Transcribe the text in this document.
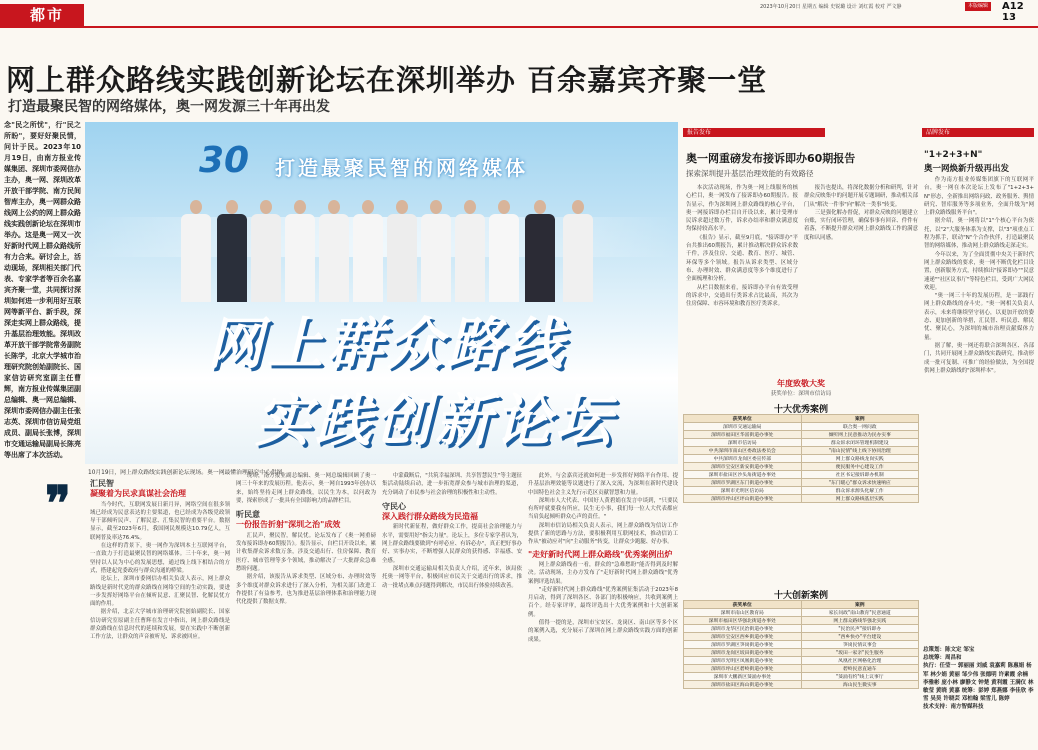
都市	2023年10月20日 星期五 编辑 史锐璐 设计 刘红霞 校对 严文静	本版编辑	A12 13
网上群众路线实践创新论坛在深圳举办 百余嘉宾齐聚一堂
打造最聚民智的网络媒体，奥一网发源三十年再出发
念"民之所忧"，行"民之所盼"，要好好聚民情，问计于民。2023年10月19日，由南方报业传媒集团、深圳市委网信办主办，奥一网、深圳改革开放干部学院、南方民间智库主办，奥一网群众路线网上公约的网上群众路线实践创新论坛在深圳市举办。这是奥一网又一次好新时代网上群众路线所有力合来。研讨会上，活动现场，深圳相关部门代表、专家学者等百余名嘉宾齐聚一堂，共同探讨深圳如何进一步利用好互联网等新平台、新手段，深深走实网上群众路线，提升基层治理效能。深圳改革开放干部学院常务副院长陈学，北京大学城市治理研究院创始副院长、国家信访研究室副主任曹辉，南方报业传媒集团副总编辑、奥一网总编辑、深圳市委网信办副主任张志英、深圳市信访局党组成员、副局长张博，深圳市交通运输局副局长陈亮等出席了本次活动。
❞
30 打造最聚民智的网络媒体
网上群众路线
实践创新论坛
10月19日，网上群众路线实践创新论坛现场。奥一网最懂治理研究中心供图
汇民智
凝聚着为民求真谋社会治理

当今时代，互联网发展日新月异，网络空间在很多领域已经成为民意表达的主要渠道，也已经成为各级党政领导干部倾听民声、了解民意、汇集民智的重要平台。数据显示，截至2023年6月，我国网民规模达10.79亿人，互联网普及率达76.4%。

在这样的背景下，奥一网作为深圳本土互联网平台，一直致力于打造最聚民智的网络媒体。三十年来，奥一网坚持以人民为中心的发展思想，通过线上线下相结合的方式，搭建起党委政府与群众沟通的桥梁。

论坛上，深圳市委网信办相关负责人表示，网上群众路线是新时代党的群众路线在网络空间的生动实践，要进一步发挥好网络平台在倾听民意、汇聚民智、化解民忧方面的作用。

据介绍，北京大学城市治理研究院创始副院长、国家信访研究室原副主任曹辉在发言中指出，网上群众路线是群众路线在信息时代的延续和发展，要在实践中不断创新工作方法，让群众的声音被听见、诉求被回应。

现场，南方报业副总编辑、奥一网总编辑回顾了奥一网三十年来的发展历程。他表示，奥一网自1993年创办以来，始终坚持走网上群众路线，以民生为本，以问政为要，探索形成了一批具有全国影响力的品牌栏目。

听民意
一份报告折射"深圳之治"成效

汇民声，聚民智，解民忧。论坛发布了《奥一网重磅发布接诉即办60期报告》。报告显示，自栏目开设以来，累计收集群众诉求数万条，涉及交通出行、住房保障、教育医疗、城市管理等多个领域，推动解决了一大批群众急难愁盼问题。

据介绍，该报告从诉求类型、区域分布、办理时效等多个维度对群众诉求进行了深入分析，为相关部门改进工作提供了有益参考，也为推进基层治理体系和治理能力现代化提供了数据支撑。

中蒙截断后，"共筑幸福深圳、共享智慧民生"等主题征集活动陆续启动，进一步拓宽群众参与城市治理的渠道，充分调动了市民参与社会治理的积极性和主动性。

守民心
深入践行群众路线为民造福

新时代新征程，做好群众工作，提高社会治理能力与水平，需要用好"指尖力量"。论坛上，多位专家学者认为，网上群众路线要做到"有呼必应、有诉必办"，真正把好事办好、实事办实，不断增强人民群众的获得感、幸福感、安全感。

深圳市交通运输局相关负责人介绍，近年来，该局依托奥一网等平台，积极回应市民关于交通出行的诉求，推动一批堵点难点问题得到解决，市民出行体验持续改善。

此外，与会嘉宾还就如何进一步发挥好网络平台作用、提升基层治理效能等议题进行了深入交流，为深圳在新时代建设中国特色社会主义先行示范区贡献智慧和力量。

深圳市人大代表、中国好人黄碧娟在发言中谈到，"只要民有所呼就要我有所应，民生无小事，我们每一位人大代表都应当肩负起倾听群众心声的责任。"

深圳市信访局相关负责人表示，网上群众路线为信访工作提供了新的思路与方法，要积极利用互联网技术，推动信访工作从"被动应对"向"主动服务"转变，让群众少跑腿、好办事。

"走好新时代网上群众路线"优秀案例出炉

网上群众路线看一看，群众的"急难愁盼"能否得到及时解决。活动现场，主办方发布了"走好新时代网上群众路线"优秀案例评选结果。

"走好新时代网上群众路线"优秀案例征集活动于2023年8月启动，得到了深圳各区、各部门的积极响应，共收到案例上百个。经专家评审，最终评选出十大优秀案例和十大创新案例。

值得一提的是，深圳市宝安区、龙岗区、南山区等多个区的案例入选，充分展示了深圳在网上群众路线实践方面的创新成果。

报告发布
奥一网重磅发布接诉即办60期报告
探索深圳提升基层治理效能的有效路径

本次活动现场，作为奥一网上线服务的核心栏目，奥一网发布了接诉即办60期报告。报告显示，作为深圳网上群众路线的核心平台，奥一网接诉即办栏目自开设以来，累计受理市民诉求超过数万件，诉求办结率和群众满意度均保持较高水平。

《报告》显示，截至9月底，"接诉即办"平台共推出60期报告，累计推动解决群众诉求数千件，涉及住房、交通、教育、医疗、城管、环保等多个领域。报告从诉求类型、区域分布、办理时效、群众满意度等多个维度进行了全面梳理和分析。

从栏目数据来看，接诉即办平台有效受理的诉求中，交通出行类诉求占比最高，其次为住房保障、市容环境和教育医疗类诉求。

报告也提出，将深化数据分析和研判，针对群众反映集中的问题开展专题调研，推动相关部门从"解决一件事"向"解决一类事"转变。

三是强化解办督促，对群众反映的问题建立台账，实行闭环管理，确保事事有回音、件件有着落，不断提升群众对网上群众路线工作的满意度和认同感。

年度致敬大奖
获奖单位：深圳市信访局
十大优秀案例
获奖单位	案例
深圳市交通运输局	联合奥一网问政
深圳市福田区华富街道办事处	倾听网上民意推动为民办实事
深圳市信访局	群众诉求闭环管理机制建设
中共深圳市南山区委政法委员会	"南山民情"线上线下协同治理
中共深圳市龙岗区委宣传部	网上群众路线龙岗实践
深圳市宝安区新安街道办事处	便民服务中心建设工作
深圳市盐田区沙头角街道办事处	社区书记接诉即办机制
深圳市罗湖区东门街道办事处	"东门暖心"群众诉求快速响应
深圳市光明区信访局	群众诉求源头化解工作
深圳市坪山区坪山街道办事处	网上群众路线基层实践
十大创新案例
获奖单位	案例
深圳市南山区教育局	家长问政"南山教育"民意通道
深圳市福田区华强北街道办事处	网上群众路线华强北实践
深圳市龙华区民治街道办事处	"民治民声"接诉即办
深圳市宝安区西乡街道办事处	"西乡快办"平台建设
深圳市罗湖区笋岗街道办事处	笋岗民情议事会
深圳市龙岗区坂田街道办事处	"坂田一家亲"民生服务
深圳市光明区凤凰街道办事处	凤凰社区网格化治理
深圳市坪山区碧岭街道办事处	碧岭民意直通车
深圳市大鹏新区葵涌办事处	"葵涌有约"线上议事厅
深圳市盐田区海山街道办事处	海山民生微实事
品牌发布
"1+2+3+N"
奥一网焕新升级再出发

作为南方报业传媒集团旗下的互联网平台，奥一网在本次论坛上发布了"1+2+3+N"形态，全新推出网络问政、政务服务、舆情研究、智库服务等多项业务，全面升级为"网上群众路线服务平台"。

据介绍，奥一网将以"1"个核心平台为依托，以"2"大服务体系为支撑，以"3"项重点工程为抓手，联动"N"个合作伙伴，打造最聚民智的网络媒体，推动网上群众路线走深走实。

今年以来，为了全面贯彻中央关于新时代网上群众路线的要求，奥一网不断优化栏目设置，创新服务方式，持续推出"接诉即办""民意速递""社区议事厅"等特色栏目，受到广大网民欢迎。

"奥一网三十年的发展历程，是一部践行网上群众路线的奋斗史。"奥一网相关负责人表示，未来将继续坚守初心，以更加开放的姿态、更加创新的举措，汇民智、听民意、解民忧、聚民心，为深圳的城市治理贡献媒体力量。

据了解，奥一网还将联合深圳各区、各部门，共同开展网上群众路线实践研究，推动形成一批可复制、可推广的经验做法，为全国提供网上群众路线的"深圳样本"。

总策划：陈文定 邹宝
总统筹：周昌和
执行：任莹一 郭丽丽 刘威 袁嘉莉 陈惠娟 杨军 林少娟 黄丽 邹少伟 张德明 许素霞 余楠 李雅彬 庞小林 廖静文 钟楚 黄利霞 王满仪 林敏莹 黄晓 黄嘉 统筹：彭婷 郑燕娜 李佳欣 李雪 吴昊 许晓芸 邓柏翰 梁雪儿 陈婷
技术支持：南方智媒科技
